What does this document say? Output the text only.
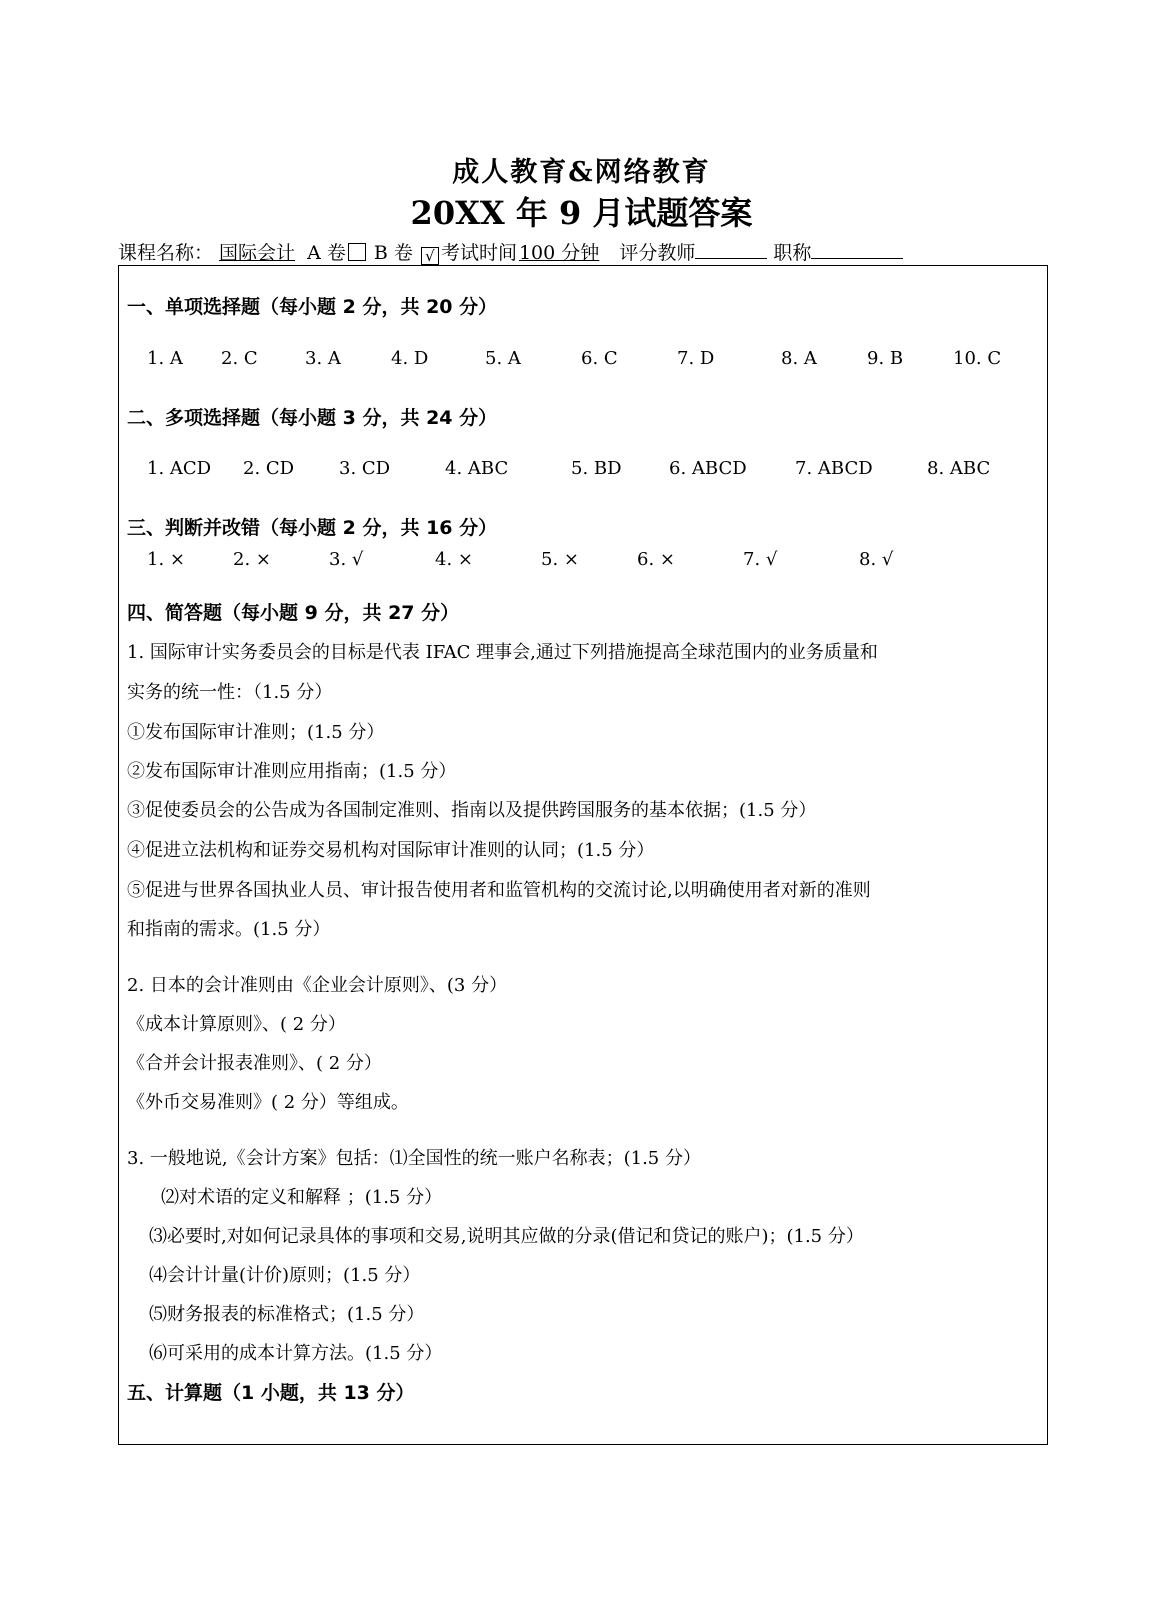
成人教育&网络教育
20XX 年 9 月试题答案
课程名称： 国际会计 A 卷 B 卷 √ 考试时间 100 分钟 评分教师	职称
一、单项选择题（每小题 2 分，共 20 分）
1. A 2. C	3. A	4. D	5. A	6. C	7. D	8. A	9. B	10. C
二、多项选择题（每小题 3 分，共 24 分）
1. ACD 2. CD 3. CD	4. ABC	5. BD	6. ABCD	7. ABCD	8. ABC
三、判断并改错（每小题 2 分，共 16 分）
1. ×	2. ×	3. √	4. ×	5. ×	6. ×	7. √	8. √
四、简答题（每小题 9 分，共 27 分）
1. 国际审计实务委员会的目标是代表 IFAC 理事会,通过下列措施提高全球范围内的业务质量和
实务的统一性：（1.5 分）
①发布国际审计准则；(1.5 分）
②发布国际审计准则应用指南；(1.5 分）
③促使委员会的公告成为各国制定准则、指南以及提供跨国服务的基本依据；(1.5 分）
④促进立法机构和证券交易机构对国际审计准则的认同；(1.5 分）
⑤促进与世界各国执业人员、审计报告使用者和监管机构的交流讨论,以明确使用者对新的准则
和指南的需求。(1.5 分）
2. 日本的会计准则由《企业会计原则》、(3 分）
《成本计算原则》、( 2 分）
《合并会计报表准则》、( 2 分）
《外币交易准则》( 2 分）等组成。
3. 一般地说,《会计方案》包括：⑴全国性的统一账户名称表；(1.5 分）
⑵对术语的定义和解释 ；(1.5 分）
⑶必要时,对如何记录具体的事项和交易,说明其应做的分录(借记和贷记的账户)；(1.5 分）
⑷会计计量(计价)原则；(1.5 分）
⑸财务报表的标准格式；(1.5 分）
⑹可采用的成本计算方法。(1.5 分）
五、计算题（1 小题，共 13 分）
